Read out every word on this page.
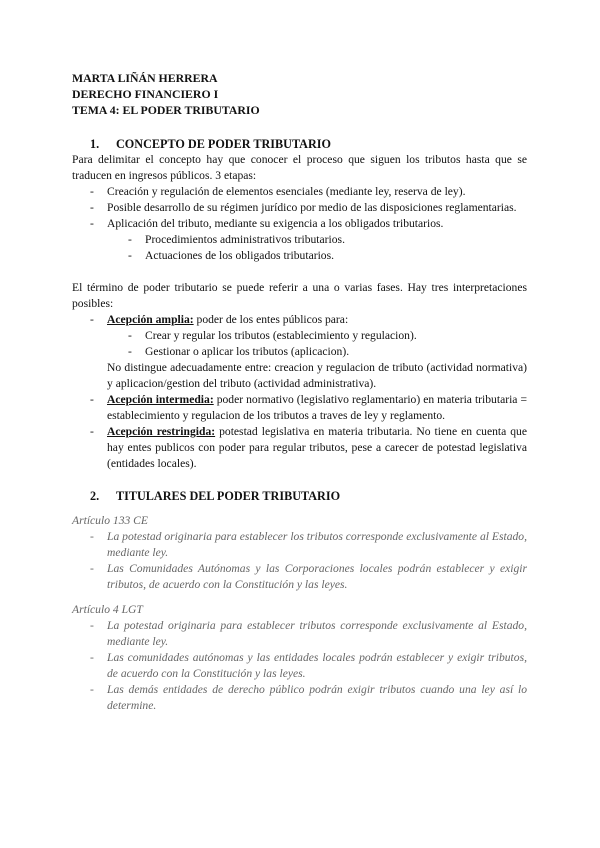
MARTA LIÑÁN HERRERA
DERECHO FINANCIERO I
TEMA 4: EL PODER TRIBUTARIO
1. CONCEPTO DE PODER TRIBUTARIO

Para delimitar el concepto hay que conocer el proceso que siguen los tributos hasta que se traducen en ingresos públicos. 3 etapas:

- Creación y regulación de elementos esenciales (mediante ley, reserva de ley).
- Posible desarrollo de su régimen jurídico por medio de las disposiciones reglamentarias.
- Aplicación del tributo, mediante su exigencia a los obligados tributarios.
- Procedimientos administrativos tributarios.
- Actuaciones de los obligados tributarios.

El término de poder tributario se puede referir a una o varias fases. Hay tres interpretaciones posibles:

- Acepción amplia: poder de los entes públicos para:
- Crear y regular los tributos (establecimiento y regulacion).
- Gestionar o aplicar los tributos (aplicacion).
No distingue adecuadamente entre: creacion y regulacion de tributo (actividad normativa) y aplicacion/gestion del tributo (actividad administrativa).
- Acepción intermedia: poder normativo (legislativo reglamentario) en materia tributaria = establecimiento y regulacion de los tributos a traves de ley y reglamento.
- Acepción restringida: potestad legislativa en materia tributaria. No tiene en cuenta que hay entes publicos con poder para regular tributos, pese a carecer de potestad legislativa (entidades locales).
2. TITULARES DEL PODER TRIBUTARIO
Artículo 133 CE
- La potestad originaria para establecer los tributos corresponde exclusivamente al Estado, mediante ley.
- Las Comunidades Autónomas y las Corporaciones locales podrán establecer y exigir tributos, de acuerdo con la Constitución y las leyes.
Artículo 4 LGT
- La potestad originaria para establecer tributos corresponde exclusivamente al Estado, mediante ley.
- Las comunidades autónomas y las entidades locales podrán establecer y exigir tributos, de acuerdo con la Constitución y las leyes.
- Las demás entidades de derecho público podrán exigir tributos cuando una ley así lo determine.
